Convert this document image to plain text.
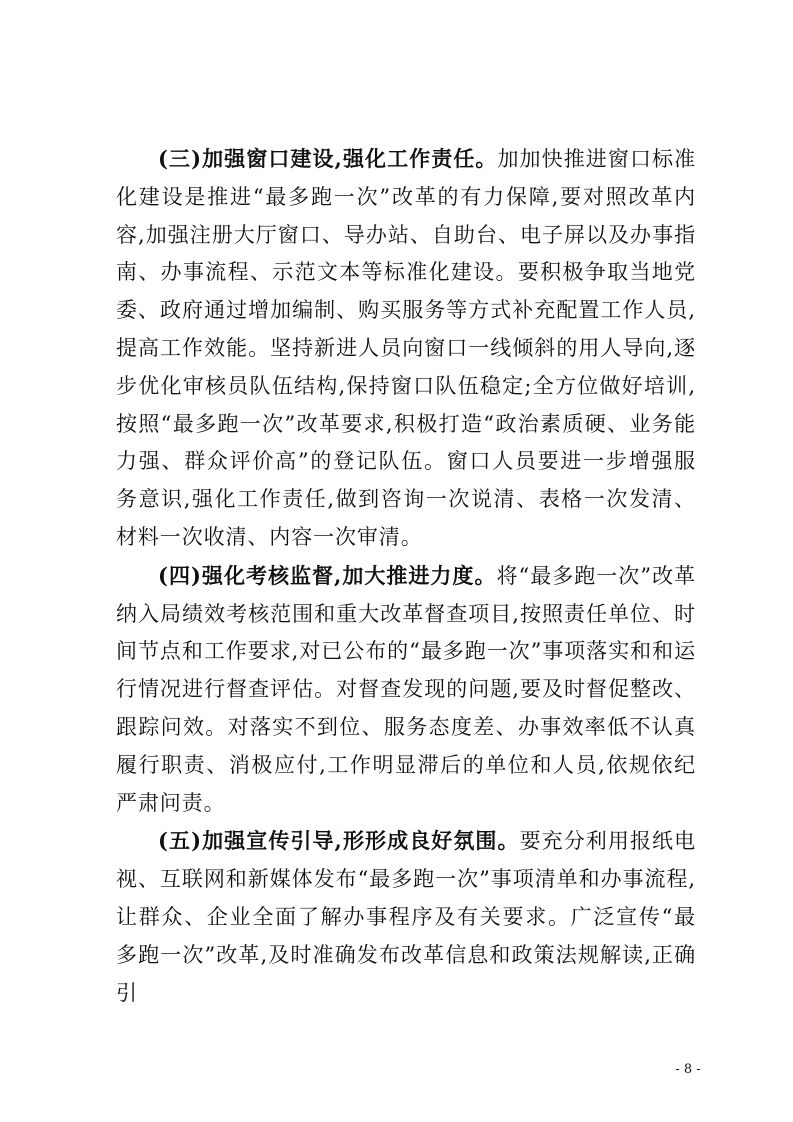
(三)加强窗口建设,强化工作责任。加加快推进窗口标准化建设是推进“最多跑一次”改革的有力保障,要对照改革内容,加强注册大厅窗口、导办站、自助台、电子屏以及办事指南、办事流程、示范文本等标准化建设。要积极争取当地党委、政府通过增加编制、购买服务等方式补充配置工作人员,提高工作效能。坚持新进人员向窗口一线倾斜的用人导向,逐步优化审核员队伍结构,保持窗口队伍稳定;全方位做好培训,按照“最多跑一次”改革要求,积极打造“政治素质硬、业务能力强、群众评价高”的登记队伍。窗口人员要进一步增强服务意识,强化工作责任,做到咨询一次说清、表格一次发清、材料一次收清、内容一次审清。

(四)强化考核监督,加大推进力度。将“最多跑一次”改革纳入局绩效考核范围和重大改革督查项目,按照责任单位、时间节点和工作要求,对已公布的“最多跑一次”事项落实和和运行情况进行督查评估。对督查发现的问题,要及时督促整改、跟踪问效。对落实不到位、服务态度差、办事效率低不认真履行职责、消极应付,工作明显滞后的单位和人员,依规依纪严肃问责。

(五)加强宣传引导,形形成良好氛围。要充分利用报纸电视、互联网和新媒体发布“最多跑一次”事项清单和办事流程,让群众、企业全面了解办事程序及有关要求。广泛宣传“最多跑一次”改革,及时准确发布改革信息和政策法规解读,正确引

- 8 -
